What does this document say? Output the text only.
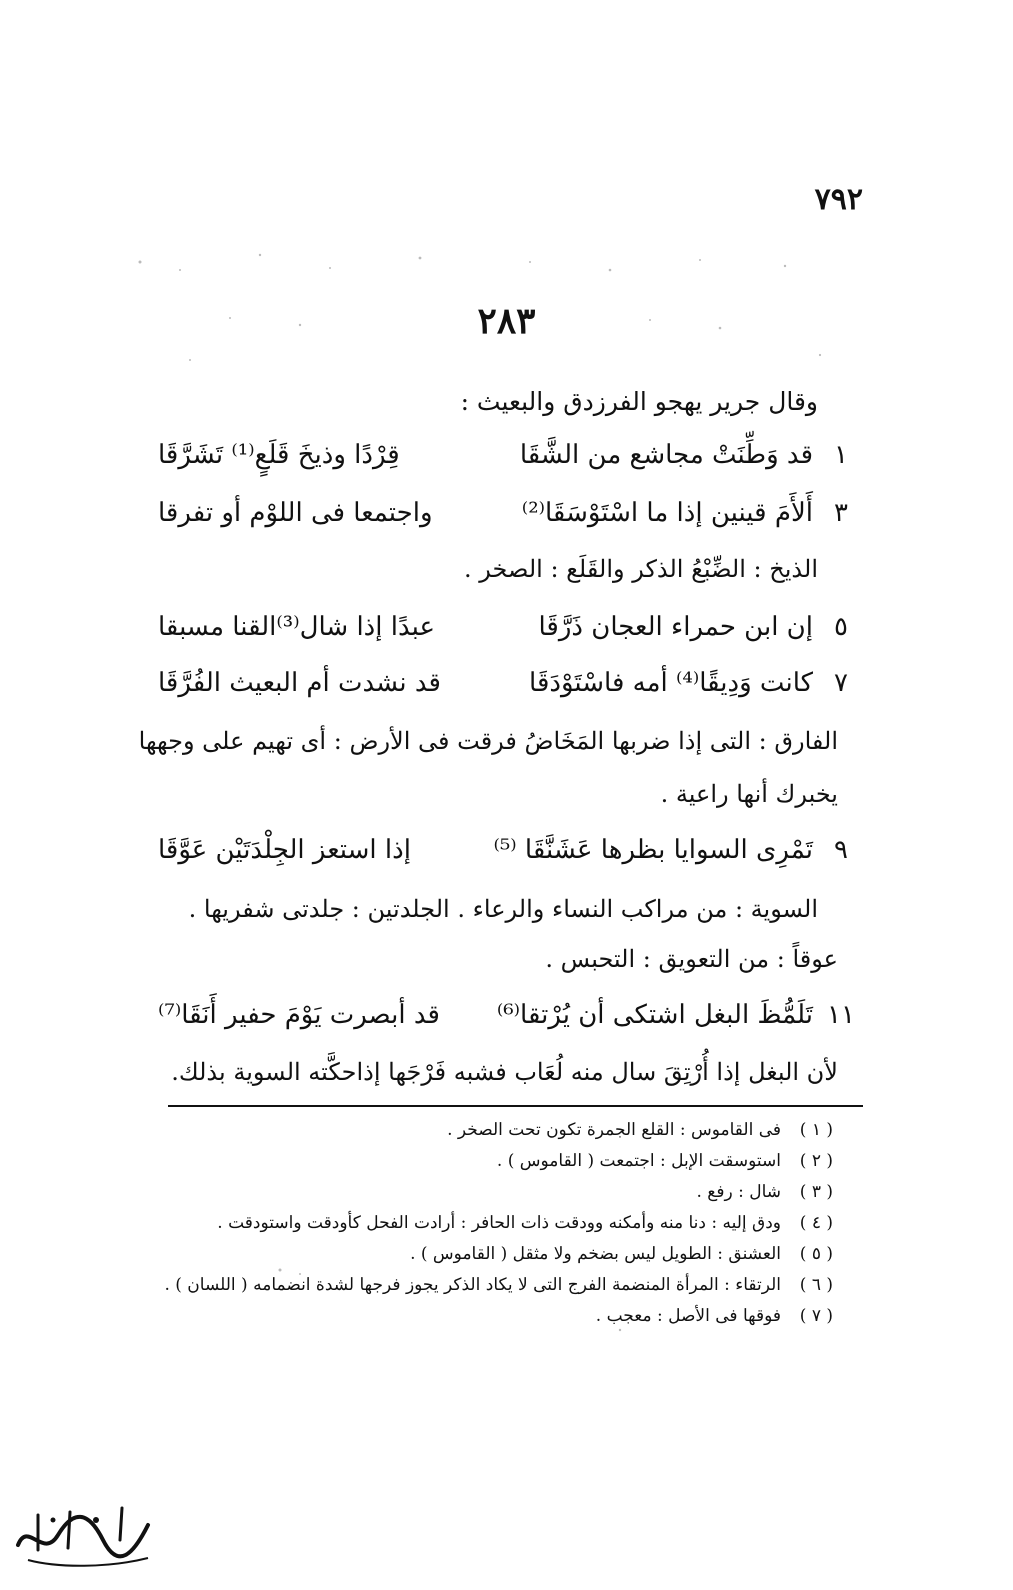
٧٩٢
٢٨٣
وقال جرير يهجو الفرزدق والبعيث :
١
قد وَطِّنَتْ مجاشع من الشَّقَا
قِرْدًا وذيخَ قَلَعٍ⁽¹⁾ تَشَرَّقَا
٣
أَلأَمَ قينين إذا ما اسْتَوْسَقَا⁽²⁾
واجتمعا فى اللوْم أو تفرقا
الذيخ : الضِّبْعُ الذكر والقَلَع : الصخر .
٥
إن ابن حمراء العجان ذَرَّقَا
عبدًا إذا شال⁽³⁾القنا مسبقا
٧
كانت وَدِيقًا⁽⁴⁾ أمه فاسْتَوْدَقَا
قد نشدت أم البعيث الفُرَّقَا
الفارق : التى إذا ضربها المَخَاضُ فرقت فى الأرض : أى تهيم على وجهها
يخبرك أنها راعية .
٩
تَمْرِى السوايا بظرها عَشَنَّقَا ⁽⁵⁾
إذا استعز الجِلْدَتَيْن عَوَّقَا
السوية : من مراكب النساء والرعاء . الجلدتين : جلدتى شفريها .
عوقاً : من التعويق : التحبس .
١١
تَلَمُّظَ البغل اشتكى أن يُرْتقا⁽⁶⁾
قد أبصرت يَوْمَ حفير أَنَقَا⁽⁷⁾
لأن البغل إذا أُرْتِقَ سال منه لُعَاب فشبه فَرْجَها إذاحكَّته السوية بذلك.
( ١ )فى القاموس : القلع الجمرة تكون تحت الصخر .
( ٢ )استوسقت الإبل : اجتمعت ( القاموس ) .
( ٣ )شال : رفع .
( ٤ )ودق إليه : دنا منه وأمكنه وودقت ذات الحافر : أرادت الفحل كأودقت واستودقت .
( ٥ )العشنق : الطويل ليس بضخم ولا مثقل ( القاموس ) .
( ٦ )الرتقاء : المرأة المنضمة الفرج التى لا يكاد الذكر يجوز فرجها لشدة انضمامه ( اللسان ) .
( ٧ )فوقها فى الأصل : معجب .
